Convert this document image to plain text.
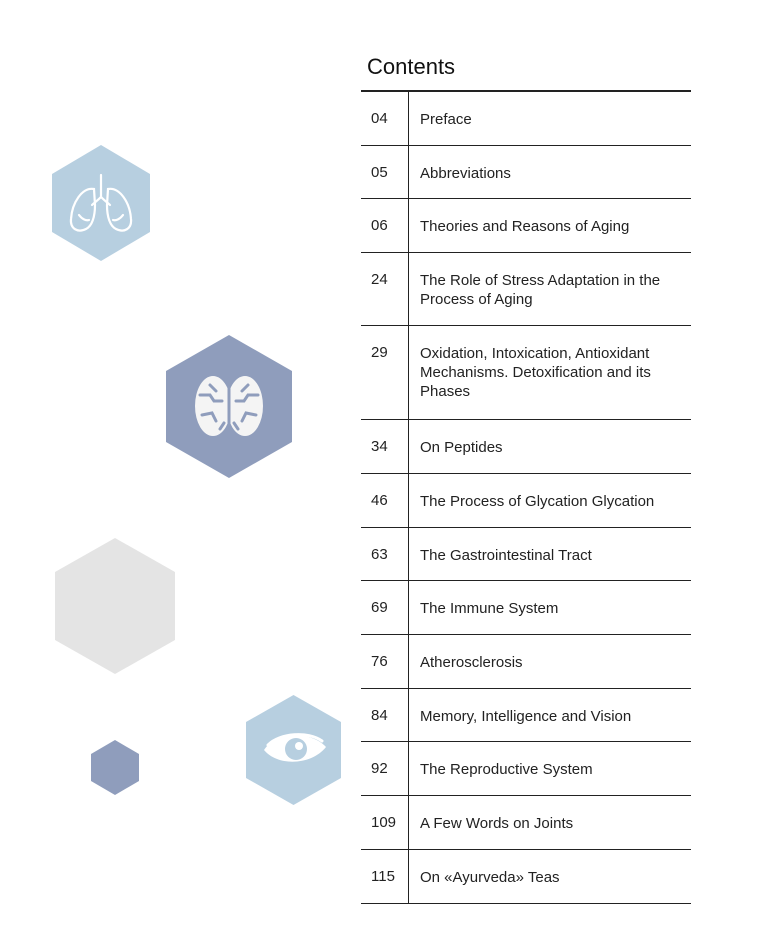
Contents
04	Preface
05	Abbreviations
06	Theories and Reasons of Aging
24	The Role of Stress Adaptation in the Process of Aging
29	Oxidation, Intoxication, Antioxidant Mechanisms. Detoxification and its Phases
34	On Peptides
46	The Process of Glycation Glycation
63	The Gastrointestinal Tract
69	The Immune System
76	Atherosclerosis
84	Memory, Intelligence and Vision
92	The Reproductive System
109	A Few Words on Joints
115	On «Ayurveda» Teas
